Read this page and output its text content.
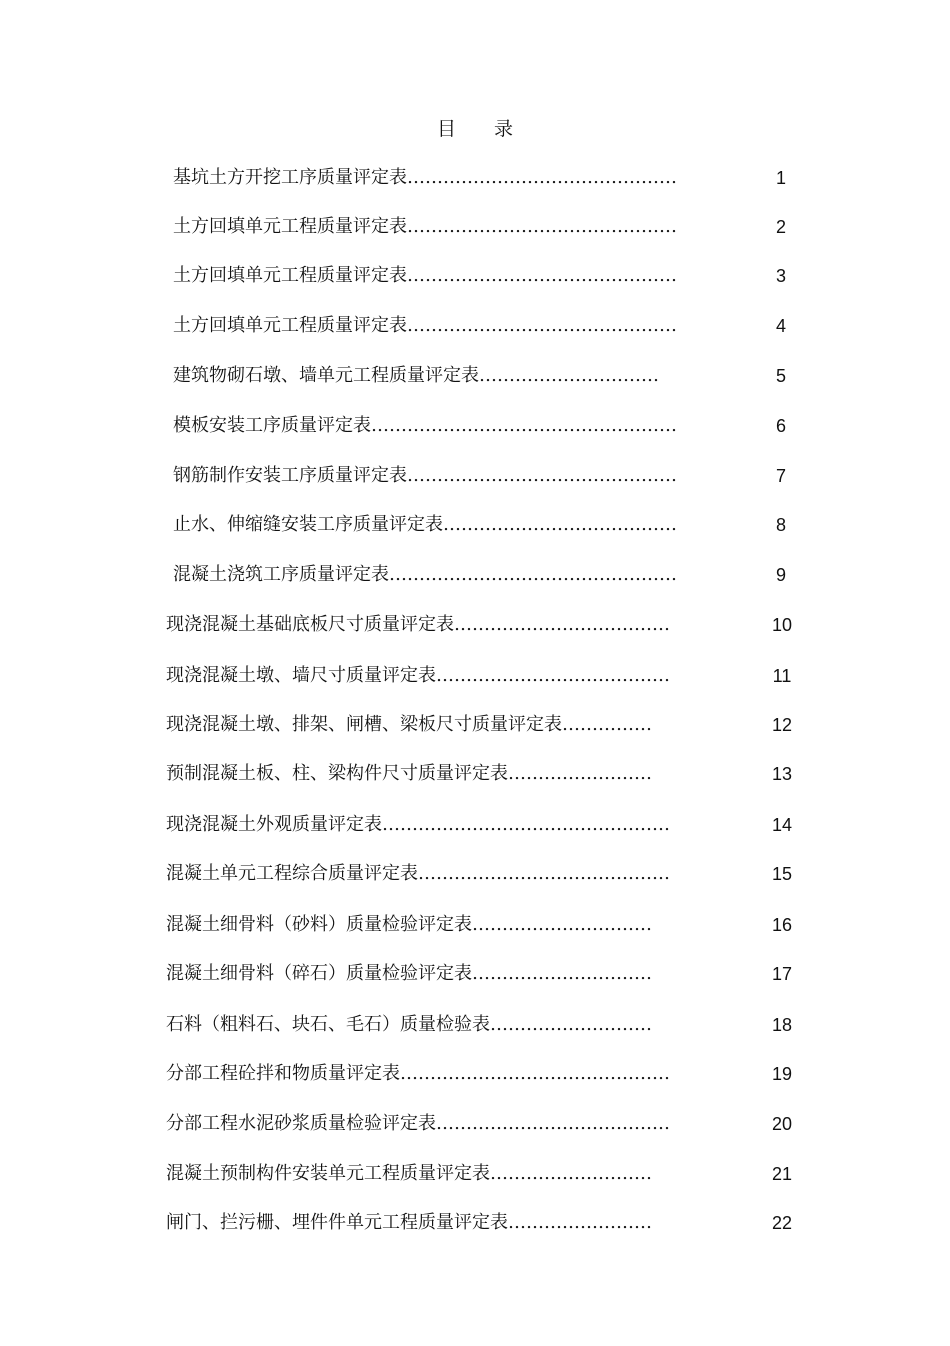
目 录
基坑土方开挖工序质量评定表………………………………………	1
土方回填单元工程质量评定表………………………………………	2
土方回填单元工程质量评定表………………………………………	3
土方回填单元工程质量评定表………………………………………	4
建筑物砌石墩、墙单元工程质量评定表…………………………	5
模板安装工序质量评定表……………………………………………	6
钢筋制作安装工序质量评定表………………………………………	7
止水、伸缩缝安装工序质量评定表…………………………………	8
混凝土浇筑工序质量评定表…………………………………………	9
现浇混凝土基础底板尺寸质量评定表………………………………	10
现浇混凝土墩、墙尺寸质量评定表…………………………………	11
现浇混凝土墩、排架、闸槽、梁板尺寸质量评定表……………	12
预制混凝土板、柱、梁构件尺寸质量评定表……………………	13
现浇混凝土外观质量评定表…………………………………………	14
混凝土单元工程综合质量评定表……………………………………	15
混凝土细骨料（砂料）质量检验评定表…………………………	16
混凝土细骨料（碎石）质量检验评定表…………………………	17
石料（粗料石、块石、毛石）质量检验表………………………	18
分部工程砼拌和物质量评定表………………………………………	19
分部工程水泥砂浆质量检验评定表…………………………………	20
混凝土预制构件安装单元工程质量评定表………………………	21
闸门、拦污栅、埋件件单元工程质量评定表……………………	22
